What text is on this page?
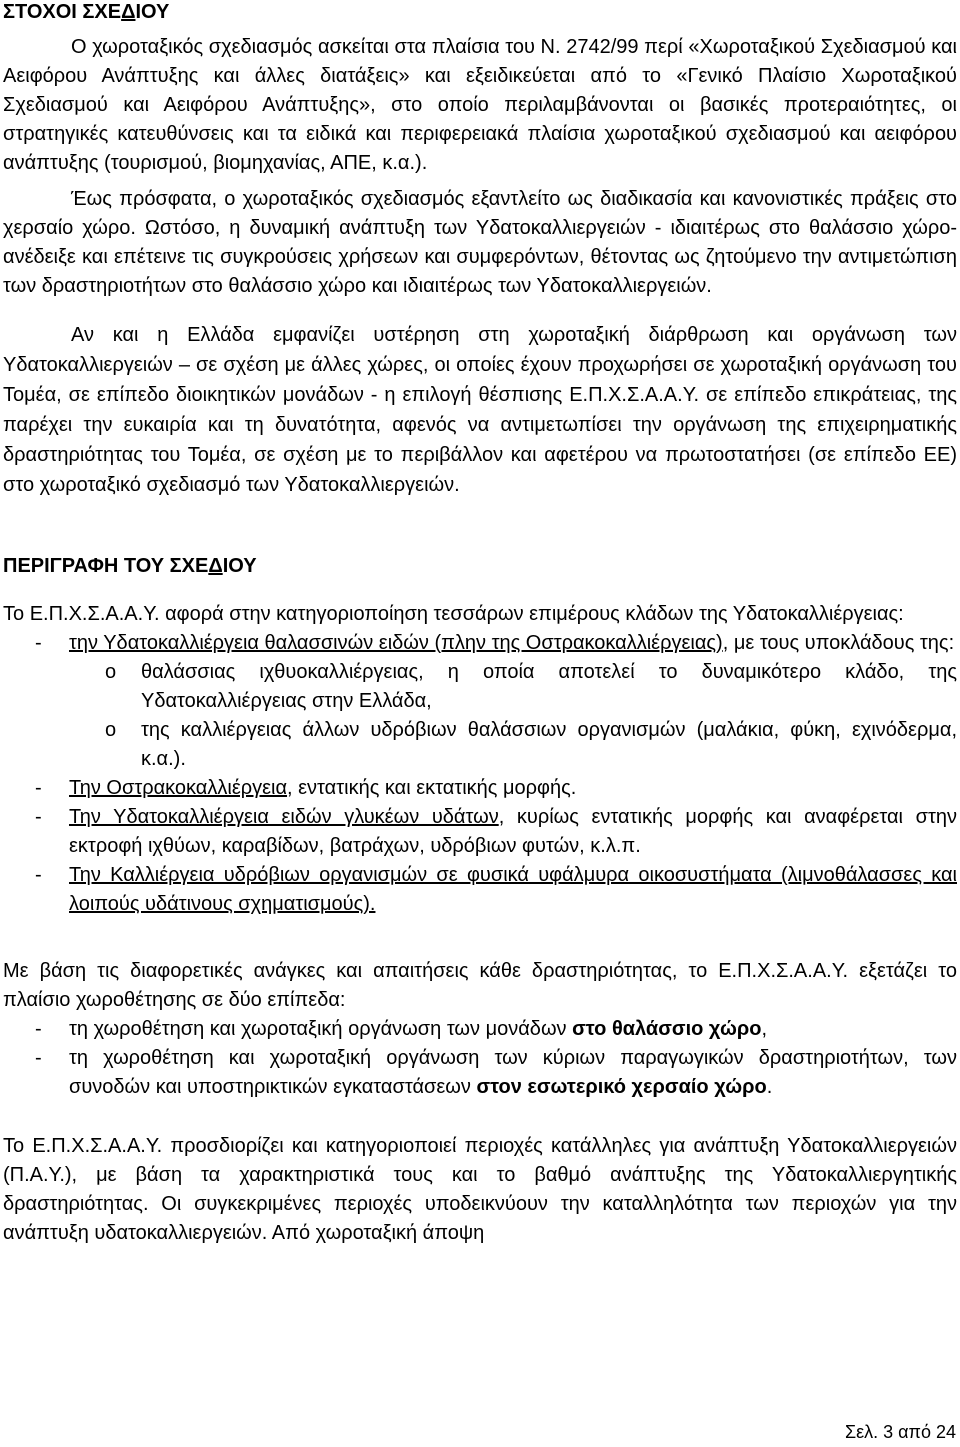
ΣΤΟΧΟΙ ΣΧΕΔΙΟΥ

Ο χωροταξικός σχεδιασμός ασκείται στα πλαίσια του Ν. 2742/99 περί «Χωροταξικού Σχεδιασμού και Αειφόρου Ανάπτυξης και άλλες διατάξεις» και εξειδικεύεται από το «Γενικό Πλαίσιο Χωροταξικού Σχεδιασμού και Αειφόρου Ανάπτυξης», στο οποίο περιλαμβάνονται οι βασικές προτεραιότητες, οι στρατηγικές κατευθύνσεις και τα ειδικά και περιφερειακά πλαίσια χωροταξικού σχεδιασμού και αειφόρου ανάπτυξης (τουρισμού, βιομηχανίας, ΑΠΕ, κ.α.).

Έως πρόσφατα, ο χωροταξικός σχεδιασμός εξαντλείτο ως διαδικασία και κανονιστικές πράξεις στο χερσαίο χώρο. Ωστόσο, η δυναμική ανάπτυξη των Υδατοκαλλιεργειών - ιδιαιτέρως στο θαλάσσιο χώρο- ανέδειξε και επέτεινε τις συγκρούσεις χρήσεων και συμφερόντων, θέτοντας ως ζητούμενο την αντιμετώπιση των δραστηριοτήτων στο θαλάσσιο χώρο και ιδιαιτέρως των Υδατοκαλλιεργειών.

Αν και η Ελλάδα εμφανίζει υστέρηση στη χωροταξική διάρθρωση και οργάνωση των Υδατοκαλλιεργειών – σε σχέση με άλλες χώρες, οι οποίες έχουν προχωρήσει σε χωροταξική οργάνωση του Τομέα, σε επίπεδο διοικητικών μονάδων - η επιλογή θέσπισης Ε.Π.Χ.Σ.Α.Α.Υ. σε επίπεδο επικράτειας, της παρέχει την ευκαιρία και τη δυνατότητα, αφενός να αντιμετωπίσει την οργάνωση της επιχειρηματικής δραστηριότητας του Τομέα, σε σχέση με το περιβάλλον και αφετέρου να πρωτοστατήσει (σε επίπεδο ΕΕ) στο χωροταξικό σχεδιασμό των Υδατοκαλλιεργειών.

ΠΕΡΙΓΡΑΦΗ ΤΟΥ ΣΧΕΔΙΟΥ

Το Ε.Π.Χ.Σ.Α.Α.Υ. αφορά στην κατηγοριοποίηση τεσσάρων επιμέρους κλάδων της Υδατοκαλλιέργειας:

-	την Υδατοκαλλιέργεια θαλασσινών ειδών (πλην της Οστρακοκαλλιέργειας), με τους υποκλάδους της:
o	θαλάσσιας ιχθυοκαλλιέργειας, η οποία αποτελεί το δυναμικότερο κλάδο, της Υδατοκαλλιέργειας στην Ελλάδα,
o	της καλλιέργειας άλλων υδρόβιων θαλάσσιων οργανισμών (μαλάκια, φύκη, εχινόδερμα, κ.α.).
-	Την Οστρακοκαλλιέργεια, εντατικής και εκτατικής μορφής.
-	Την Υδατοκαλλιέργεια ειδών γλυκέων υδάτων, κυρίως εντατικής μορφής και αναφέρεται στην εκτροφή ιχθύων, καραβίδων, βατράχων, υδρόβιων φυτών, κ.λ.π.
-	Την Καλλιέργεια υδρόβιων οργανισμών σε φυσικά υφάλμυρα οικοσυστήματα (λιμνοθάλασσες και λοιπούς υδάτινους σχηματισμούς).

Με βάση τις διαφορετικές ανάγκες και απαιτήσεις κάθε δραστηριότητας, το Ε.Π.Χ.Σ.Α.Α.Υ. εξετάζει το πλαίσιο χωροθέτησης σε δύο επίπεδα:

-	τη χωροθέτηση και χωροταξική οργάνωση των μονάδων στο θαλάσσιο χώρο,
-	τη χωροθέτηση και χωροταξική οργάνωση των κύριων παραγωγικών δραστηριοτήτων, των συνοδών και υποστηρικτικών εγκαταστάσεων στον εσωτερικό χερσαίο χώρο.

Το Ε.Π.Χ.Σ.Α.Α.Υ. προσδιορίζει και κατηγοριοποιεί περιοχές κατάλληλες για ανάπτυξη Υδατοκαλλιεργειών (Π.Α.Υ.), με βάση τα χαρακτηριστικά τους και το βαθμό ανάπτυξης της Υδατοκαλλιεργητικής δραστηριότητας. Οι συγκεκριμένες περιοχές υποδεικνύουν την καταλληλότητα των περιοχών για την ανάπτυξη υδατοκαλλιεργειών. Από χωροταξική άποψη

Σελ. 3 από 24
